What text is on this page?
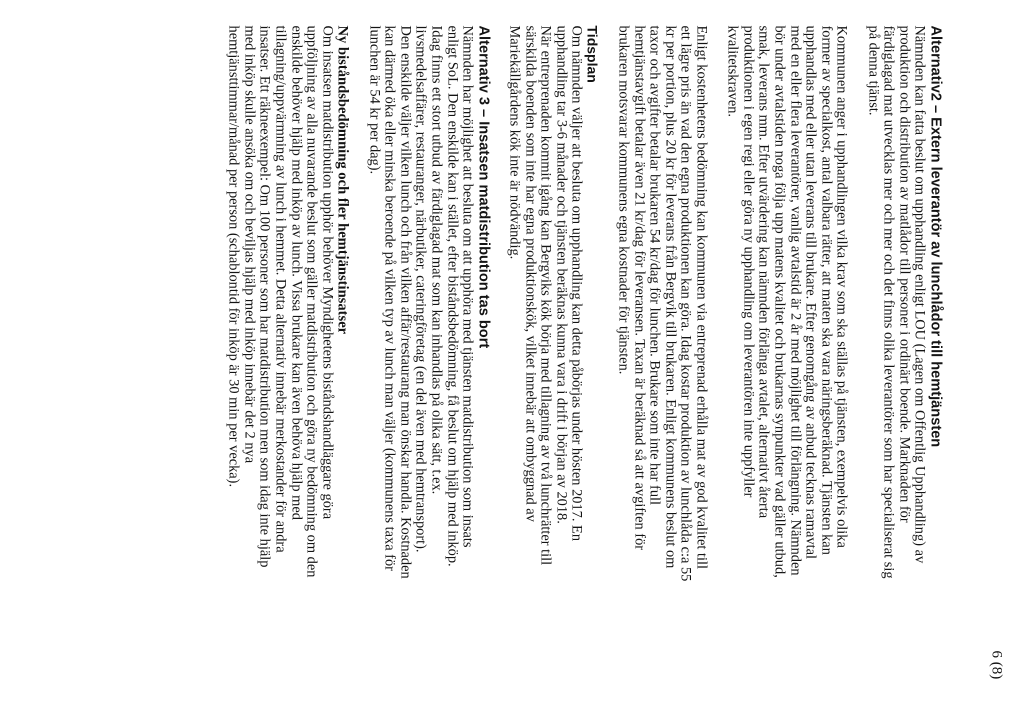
6 (8)
Alternativ2 – Extern leverantör av lunchlådor till hemtjänsten
Nämnden kan fatta beslut om upphandling enligt LOU (Lagen om Offentlig Upphandling) av
produktion och distribution av matlådor till personer i ordinärt boende. Marknaden för
färdiglagad mat utvecklas mer och mer och det finns olika leverantörer som har specialiserat sig
på denna tjänst.
Kommunen anger i upphandlingen vilka krav som ska ställas på tjänsten, exempelvis olika
former av specialkost, antal valbara rätter, att maten ska vara näringsberäknad. Tjänsten kan
upphandlas med eller utan leverans till brukare. Efter genomgång av anbud tecknas ramavtal
med en eller flera leverantörer, vanlig avtalstid är 2 år med möjlighet till förlängning. Nämnden
bör under avtalstiden noga följa upp matens kvalitet och brukarnas synpunkter vad gäller utbud,
smak, leverans mm. Efter utvärdering kan nämnden förlänga avtalet, alternativt återta
produktionen i egen regi eller göra ny upphandling om leverantören inte uppfyller
kvalitetskraven.
Enligt kostenhetens bedömning kan kommunen via entreprenad erhålla mat av god kvalitet till
ett lägre pris än vad den egna produktionen kan göra. Idag kostar produktion av lunchlåda c:a 55
kr per portion, plus 20 kr för leverans från Bergvik till brukaren. Enligt kommunens beslut om
taxor och avgifter betalar brukaren 54 kr/dag för lunchen. Brukare som inte har full
hemtjänstavgift betalar även 21 kr/dag för leveransen. Taxan är beräknad så att avgiften för
brukaren motsvarar kommunens egna kostnader för tjänsten.
Tidsplan
Om nämnden väljer att besluta om upphandling kan detta påbörjas under hösten 2017. En
upphandling tar 3-6 månader och tjänsten beräknas kunna vara i drift i början av 2018.
När entreprenaden kommit igång kan Bergviks kök börja med tillagning av två lunchrätter till
särskilda boenden som inte har egna produktionskök, vilket innebär att ombyggnad av
Mariekällgårdens kök inte är nödvändig.
Alternativ 3 – Insatsen matdistribution tas bort
Nämnden har möjlighet att besluta om att upphöra med tjänsten matdistribution som insats
enligt SoL. Den enskilde kan i stället, efter biståndsbedömning, få beslut om hjälp med inköp.
Idag finns ett stort utbud av färdiglagad mat som kan inhandlas på olika sätt, t.ex.
livsmedelsaffärer, restauranger, närbutiker, cateringföretag (en del även med hemtransport).
Den enskilde väljer vilken lunch och från vilken affär/restaurang man önskar handla. Kostnaden
kan därmed öka eller minska beroende på vilken typ av lunch man väljer (kommunens taxa för
lunchen är 54 kr per dag).
Ny biståndsbedömning och fler hemtjänstinsatser
Om insatsen matdistribution upphör behöver Myndighetens biståndshandläggare göra
uppföljning av alla nuvarande beslut som gäller matdistribution och göra ny bedömning om den
enskilde behöver hjälp med inköp av lunch. Vissa brukare kan även behöva hjälp med
tillagning/uppvärmning av lunch i hemmet. Detta alternativ innebär merkostander för andra
insatser. Ett räkneexempel: Om 100 personer som har matdistribution men som idag inte hjälp
med inköp skulle ansöka om och beviljas hjälp med inköp innebär det 2 nya
hemtjänsttimmar/månad per person (schablontid för inköp är 30 min per vecka).
